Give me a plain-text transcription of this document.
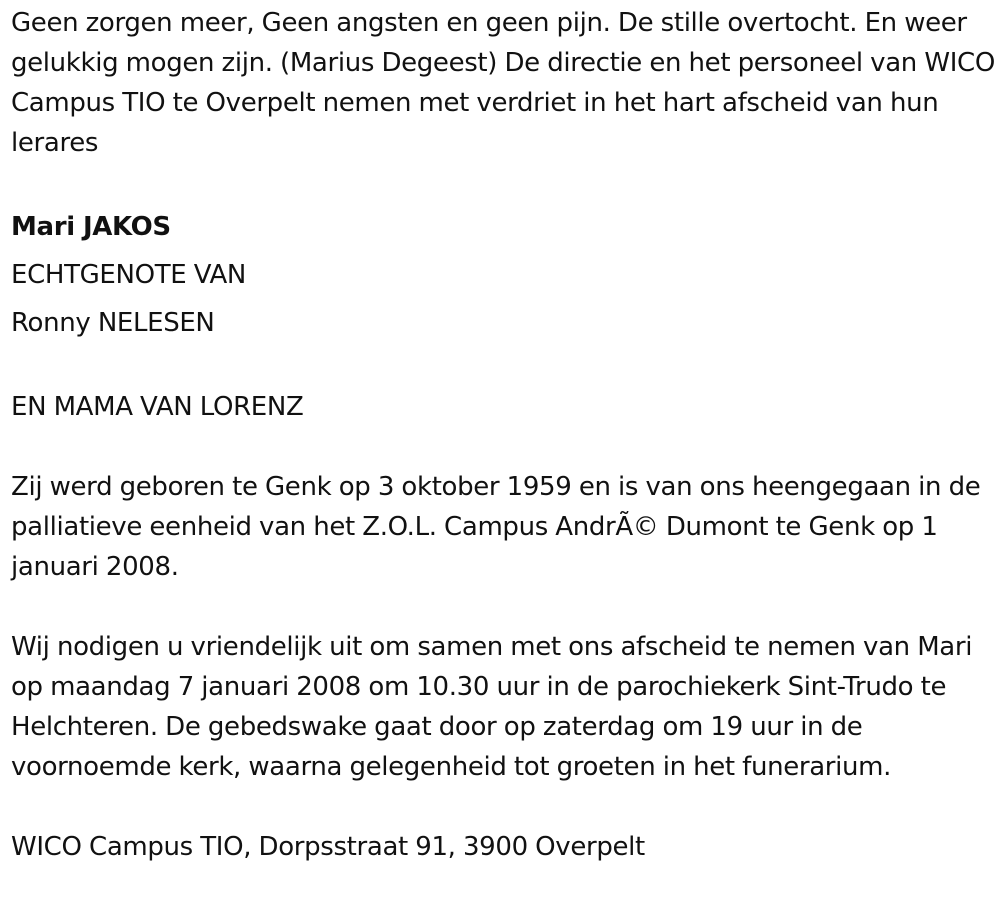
Geen zorgen meer, Geen angsten en geen pijn. De stille overtocht. En weer gelukkig mogen zijn. (Marius Degeest) De directie en het personeel van WICO Campus TIO te Overpelt nemen met verdriet in het hart afscheid van hun lerares

Mari JAKOS

ECHTGENOTE VAN

Ronny NELESEN

EN MAMA VAN LORENZ

Zij werd geboren te Genk op 3 oktober 1959 en is van ons heengegaan in de palliatieve eenheid van het Z.O.L. Campus AndrÃ© Dumont te Genk op 1 januari 2008.

Wij nodigen u vriendelijk uit om samen met ons afscheid te nemen van Mari op maandag 7 januari 2008 om 10.30 uur in de parochiekerk Sint-Trudo te Helchteren. De gebedswake gaat door op zaterdag om 19 uur in de voornoemde kerk, waarna gelegenheid tot groeten in het funerarium.

WICO Campus TIO, Dorpsstraat 91, 3900 Overpelt
